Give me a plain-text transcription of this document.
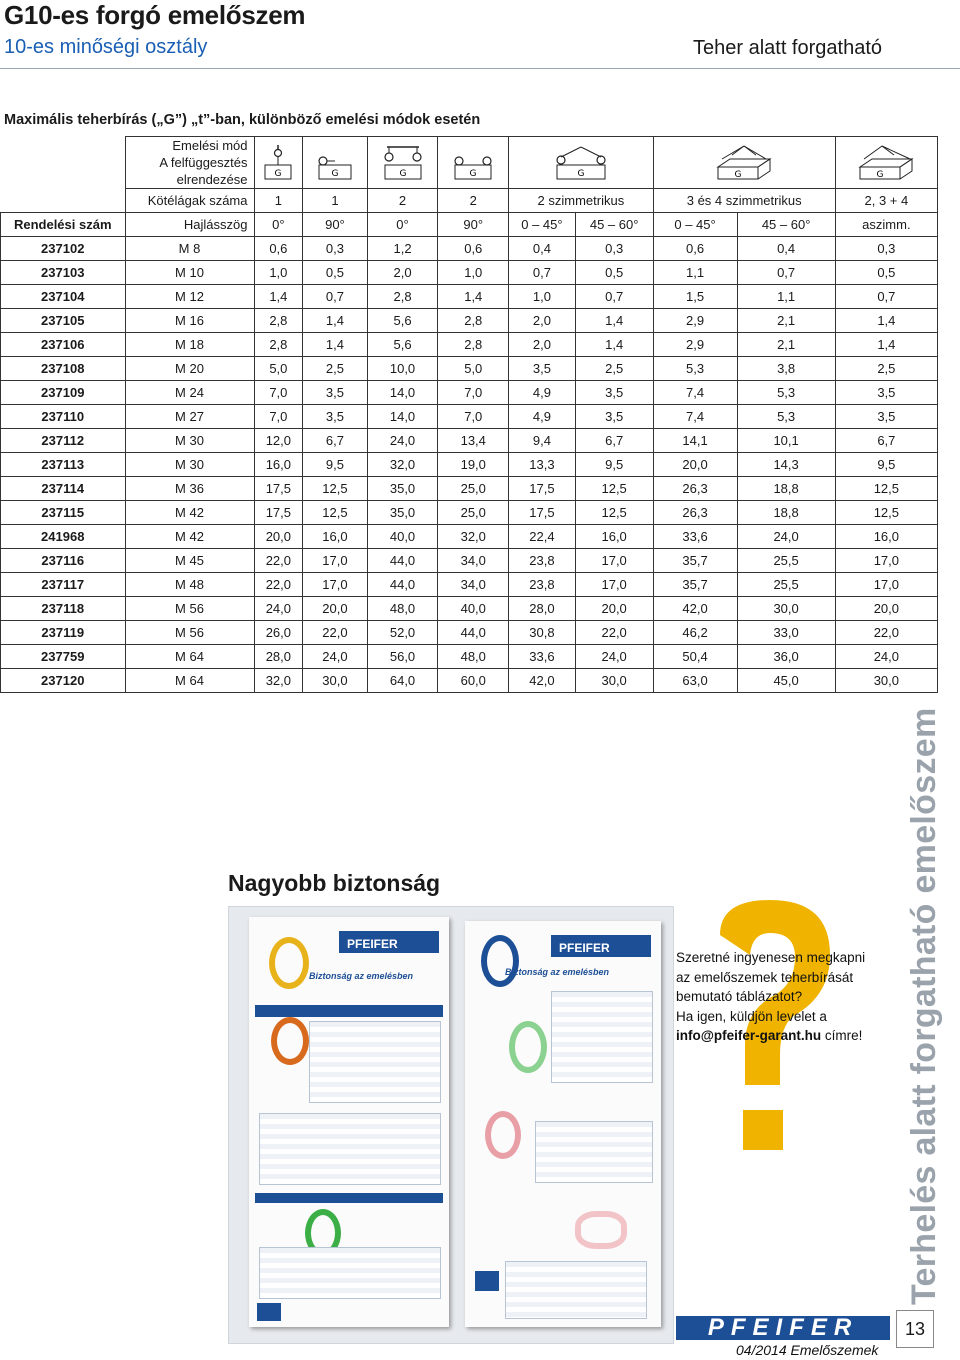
G10-es forgó emelőszem
10-es minőségi osztály	Teher alatt forgatható
Maximális teherbírás („G”) „t”-ban, különböző emelési módok esetén

	Emelési mód
A felfüggesztés elrendezése	G	G	G	G	G		G		G

	Kötélágak száma	1	1	2	2	2 szimmetrikus		3 és 4 szimmetrikus		2, 3 + 4
Rendelési szám	Hajlásszög	0°	90°	0°	90°	0 – 45°	45 – 60°	0 – 45°	45 – 60°	aszimm.
237102	M 8	0,6	0,3	1,2	0,6	0,4	0,3	0,6	0,4	0,3
237103	M 10	1,0	0,5	2,0	1,0	0,7	0,5	1,1	0,7	0,5
237104	M 12	1,4	0,7	2,8	1,4	1,0	0,7	1,5	1,1	0,7
237105	M 16	2,8	1,4	5,6	2,8	2,0	1,4	2,9	2,1	1,4
237106	M 18	2,8	1,4	5,6	2,8	2,0	1,4	2,9	2,1	1,4
237108	M 20	5,0	2,5	10,0	5,0	3,5	2,5	5,3	3,8	2,5
237109	M 24	7,0	3,5	14,0	7,0	4,9	3,5	7,4	5,3	3,5
237110	M 27	7,0	3,5	14,0	7,0	4,9	3,5	7,4	5,3	3,5
237112	M 30	12,0	6,7	24,0	13,4	9,4	6,7	14,1	10,1	6,7
237113	M 30	16,0	9,5	32,0	19,0	13,3	9,5	20,0	14,3	9,5
237114	M 36	17,5	12,5	35,0	25,0	17,5	12,5	26,3	18,8	12,5
237115	M 42	17,5	12,5	35,0	25,0	17,5	12,5	26,3	18,8	12,5
241968	M 42	20,0	16,0	40,0	32,0	22,4	16,0	33,6	24,0	16,0
237116	M 45	22,0	17,0	44,0	34,0	23,8	17,0	35,7	25,5	17,0
237117	M 48	22,0	17,0	44,0	34,0	23,8	17,0	35,7	25,5	17,0
237118	M 56	24,0	20,0	48,0	40,0	28,0	20,0	42,0	30,0	20,0
237119	M 56	26,0	22,0	52,0	44,0	30,8	22,0	46,2	33,0	22,0
237759	M 64	28,0	24,0	56,0	48,0	33,6	24,0	50,4	36,0	24,0
237120	M 64	32,0	30,0	64,0	60,0	42,0	30,0	63,0	45,0	30,0
Nagyobb biztonság
PFEIFER
Biztonság az emelésben
PFEIFER
Biztonság az emelésben
Szeretné ingyenesen megkapni
az emelőszemek teherbírását
bemutató táblázatot?
Ha igen, küldjön levelet a
info@pfeifer-garant.hu címre!
PFEIFER	13
04/2014 Emelőszemek
Terhelés alatt forgatható emelőszem
